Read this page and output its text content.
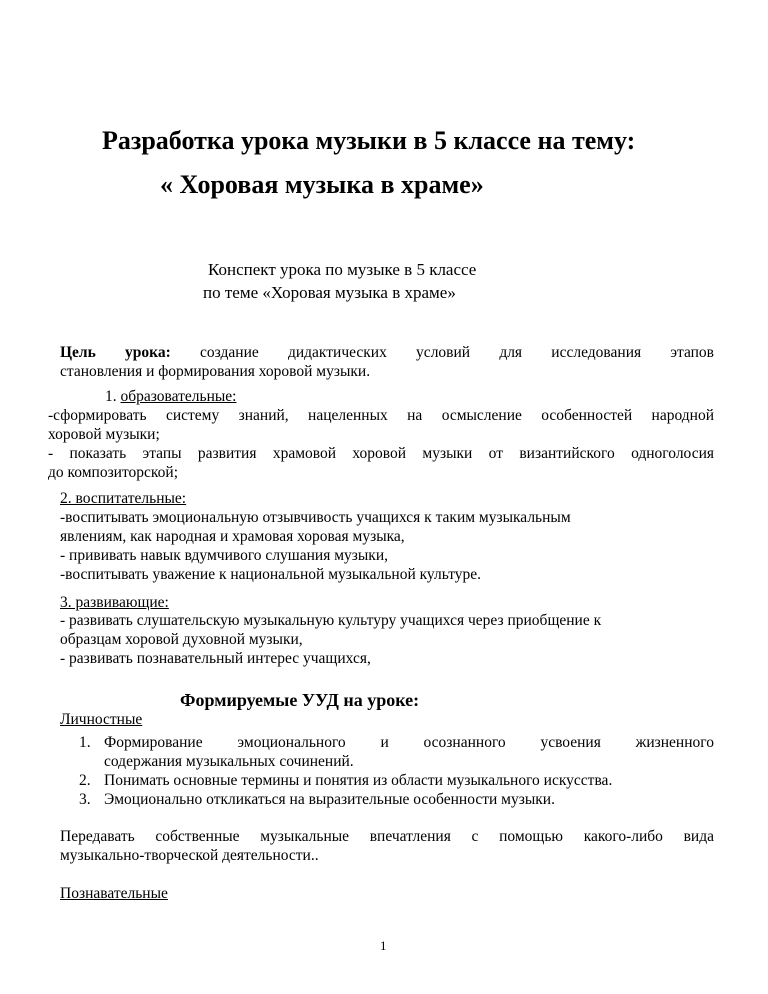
Разработка урока музыки в 5 классе на тему:
« Хоровая музыка в храме»
Конспект урока по музыке в 5 классе
по теме «Хоровая музыка в храме»
Цель урока: создание дидактических условий для исследования этапов
становления и формирования хоровой музыки.
1. образовательные:
-сформировать систему знаний, нацеленных на осмысление особенностей народной
хоровой музыки;
- показать этапы развития храмовой хоровой музыки от византийского одноголосия
до композиторской;
2. воспитательные:
-воспитывать эмоциональную отзывчивость учащихся к таким музыкальным
явлениям, как народная и храмовая хоровая музыка,
- прививать навык вдумчивого слушания музыки,
-воспитывать уважение к национальной музыкальной культуре.
3. развивающие:
- развивать слушательскую музыкальную культуру учащихся через приобщение к
образцам хоровой духовной музыки,
- развивать познавательный интерес учащихся,
Формируемые УУД на уроке:
Личностные
1. Формирование эмоционального и осознанного усвоения жизненного
содержания музыкальных сочинений.
2. Понимать основные термины и понятия из области музыкального искусства.
3. Эмоционально откликаться на выразительные особенности музыки.
Передавать собственные музыкальные впечатления с помощью какого-либо вида
музыкально-творческой деятельности..
Познавательные
1
